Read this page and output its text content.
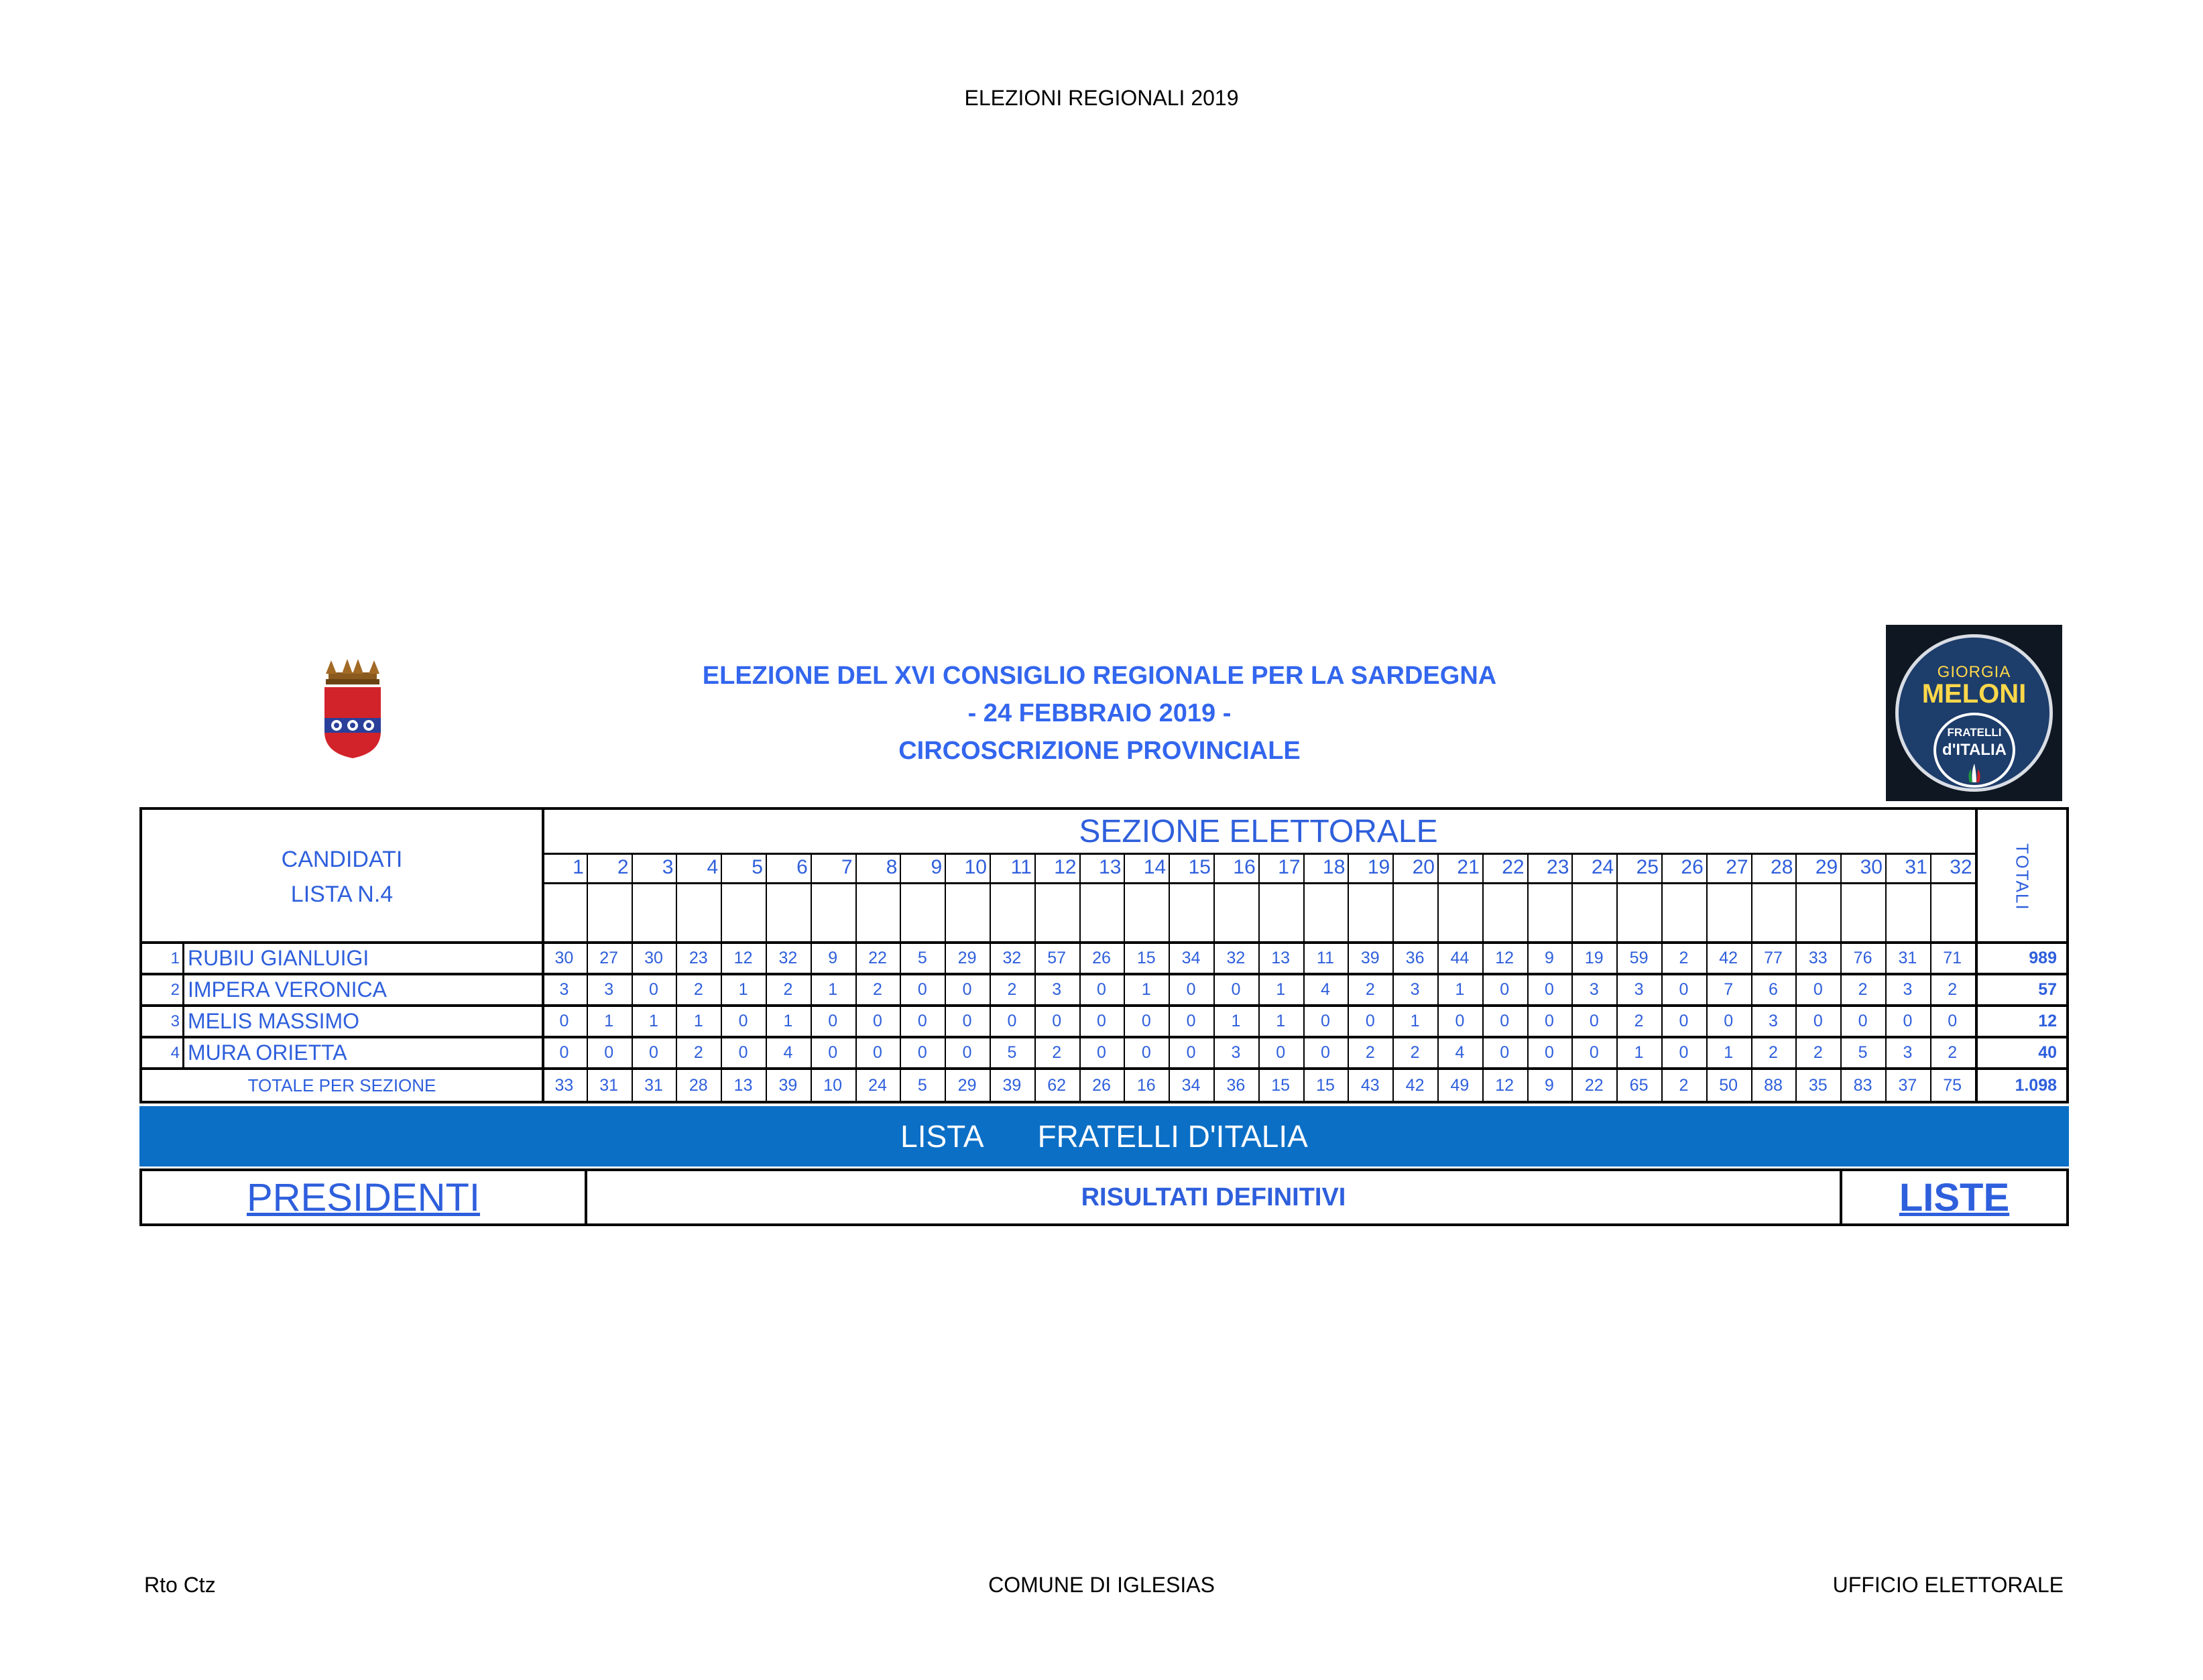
ELEZIONI REGIONALI 2019
ELEZIONE DEL XVI CONSIGLIO REGIONALE PER LA SARDEGNA
- 24 FEBBRAIO 2019 -
CIRCOSCRIZIONE PROVINCIALE
GIORGIA
MELONI
FRATELLI
d'ITALIA
CANDIDATI
LISTA N.4
SEZIONE ELETTORALE
TOTALI
1	2	3	4	5	6	7	8	9	10	11	12	13	14	15	16	17	18	19	20	21	22	23	24	25	26	27	28	29	30	31	32
1 RUBIU GIANLUIGI	30	27	30	23	12	32	9	22	5	29	32	57	26	15	34	32	13	11	39	36	44	12	9	19	59	2	42	77	33	76	31	71	989
2 IMPERA VERONICA	3	3	0	2	1	2	1	2	0	0	2	3	0	1	0	0	1	4	2	3	1	0	0	3	3	0	7	6	0	2	3	2	57
3 MELIS MASSIMO	0	1	1	1	0	1	0	0	0	0	0	0	0	0	0	1	1	0	0	1	0	0	0	0	2	0	0	3	0	0	0	0	12
4 MURA ORIETTA	0	0	0	2	0	4	0	0	0	0	5	2	0	0	0	3	0	0	2	2	4	0	0	0	1	0	1	2	2	5	3	2	40
TOTALE PER SEZIONE	33	31	31	28	13	39	10	24	5	29	39	62	26	16	34	36	15	15	43	42	49	12	9	22	65	2	50	88	35	83	37	75	1.098
LISTA FRATELLI D'ITALIA
PRESIDENTI	RISULTATI DEFINITIVI	LISTE
Rto Ctz	COMUNE DI IGLESIAS	UFFICIO ELETTORALE
